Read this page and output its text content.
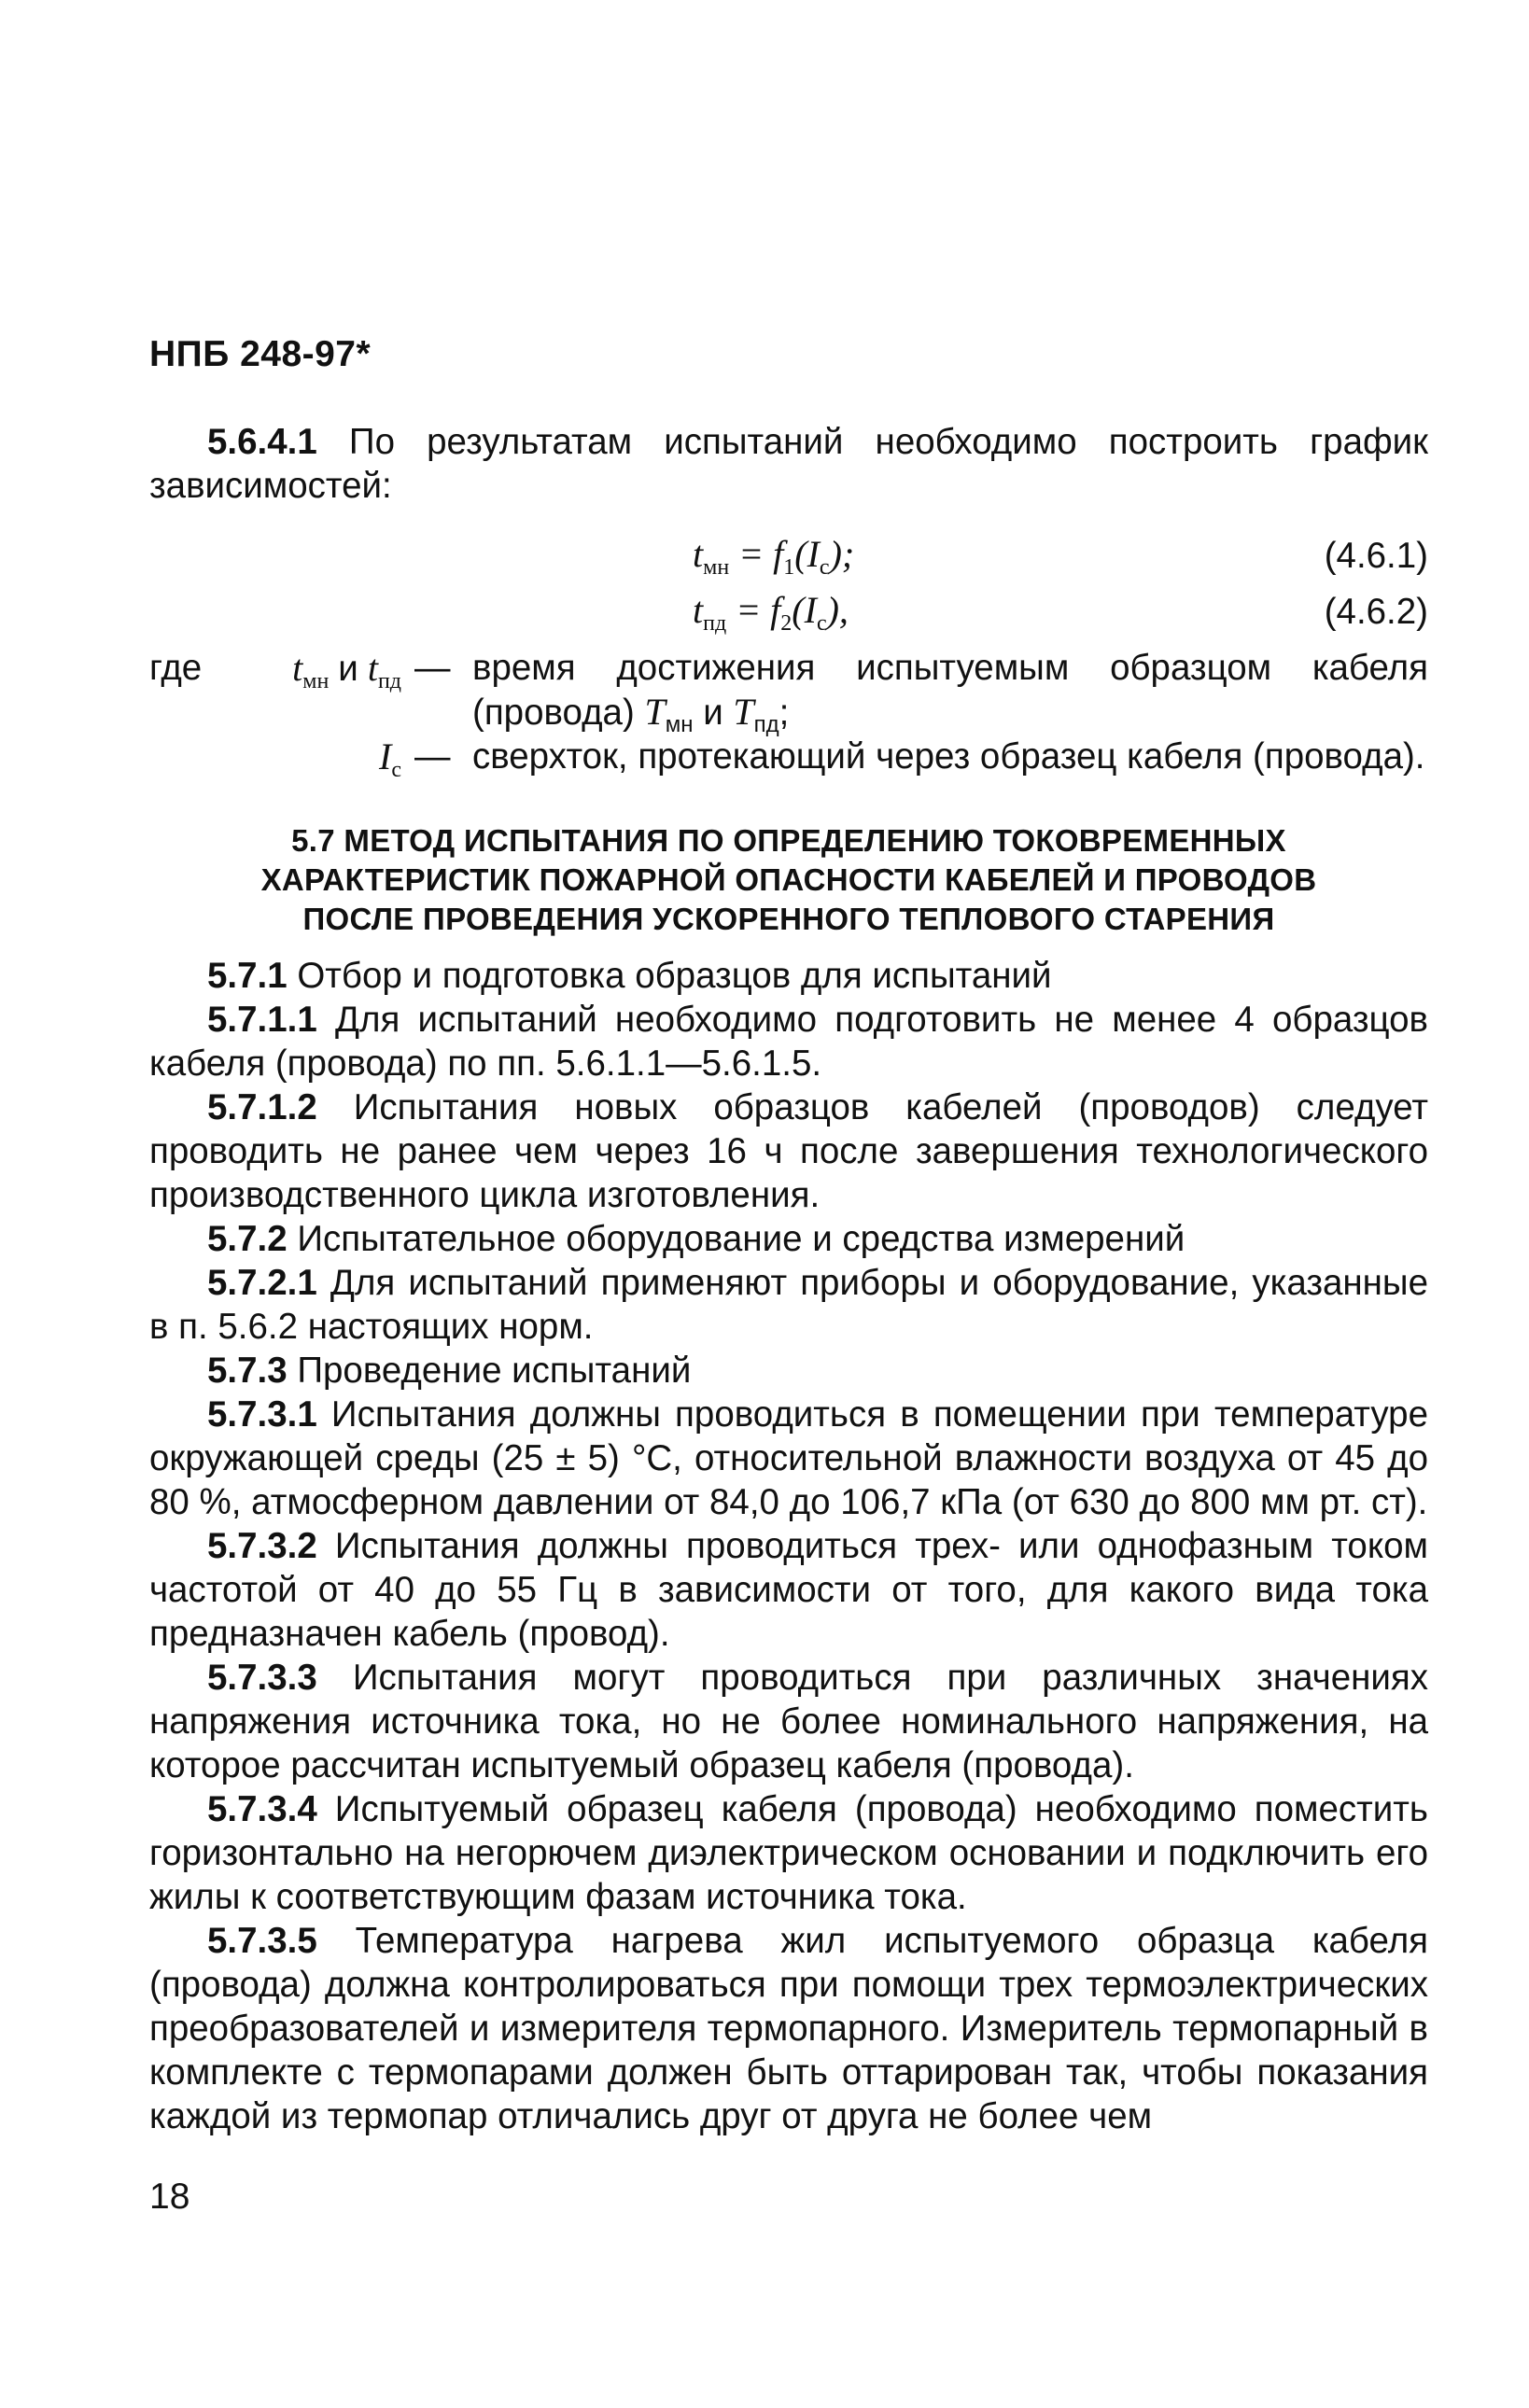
НПБ 248-97*

5.6.4.1 По результатам испытаний необходимо построить график зависимостей:

$t_{мн} = f_1(I_c)$;	(4.6.1)
$t_{пд} = f_2(I_c)$,	(4.6.2)
где	$t_{мн}$ и $t_{пд}$ — время достижения испытуемым образцом кабеля (провода) $T_{мн}$ и $T_{пд}$;
$I_c$ — сверхток, протекающий через образец кабеля (провода).
5.7 МЕТОД ИСПЫТАНИЯ ПО ОПРЕДЕЛЕНИЮ ТОКОВРЕМЕННЫХ
ХАРАКТЕРИСТИК ПОЖАРНОЙ ОПАСНОСТИ КАБЕЛЕЙ И ПРОВОДОВ
ПОСЛЕ ПРОВЕДЕНИЯ УСКОРЕННОГО ТЕПЛОВОГО СТАРЕНИЯ

5.7.1 Отбор и подготовка образцов для испытаний

5.7.1.1 Для испытаний необходимо подготовить не менее 4 образцов кабеля (провода) по пп. 5.6.1.1—5.6.1.5.

5.7.1.2 Испытания новых образцов кабелей (проводов) следует проводить не ранее чем через 16 ч после завершения технологического производственного цикла изготовления.

5.7.2 Испытательное оборудование и средства измерений

5.7.2.1 Для испытаний применяют приборы и оборудование, указанные в п. 5.6.2 настоящих норм.

5.7.3 Проведение испытаний

5.7.3.1 Испытания должны проводиться в помещении при температуре окружающей среды (25 ± 5) °С, относительной влажности воздуха от 45 до 80 %, атмосферном давлении от 84,0 до 106,7 кПа (от 630 до 800 мм рт. ст).

5.7.3.2 Испытания должны проводиться трех- или однофазным током частотой от 40 до 55 Гц в зависимости от того, для какого вида тока предназначен кабель (провод).

5.7.3.3 Испытания могут проводиться при различных значениях напряжения источника тока, но не более номинального напряжения, на которое рассчитан испытуемый образец кабеля (провода).

5.7.3.4 Испытуемый образец кабеля (провода) необходимо поместить горизонтально на негорючем диэлектрическом основании и подключить его жилы к соответствующим фазам источника тока.

5.7.3.5 Температура нагрева жил испытуемого образца кабеля (провода) должна контролироваться при помощи трех термоэлектрических преобразователей и измерителя термопарного. Измеритель термопарный в комплекте с термопарами должен быть оттарирован так, чтобы показания каждой из термопар отличались друг от друга не более чем

18
